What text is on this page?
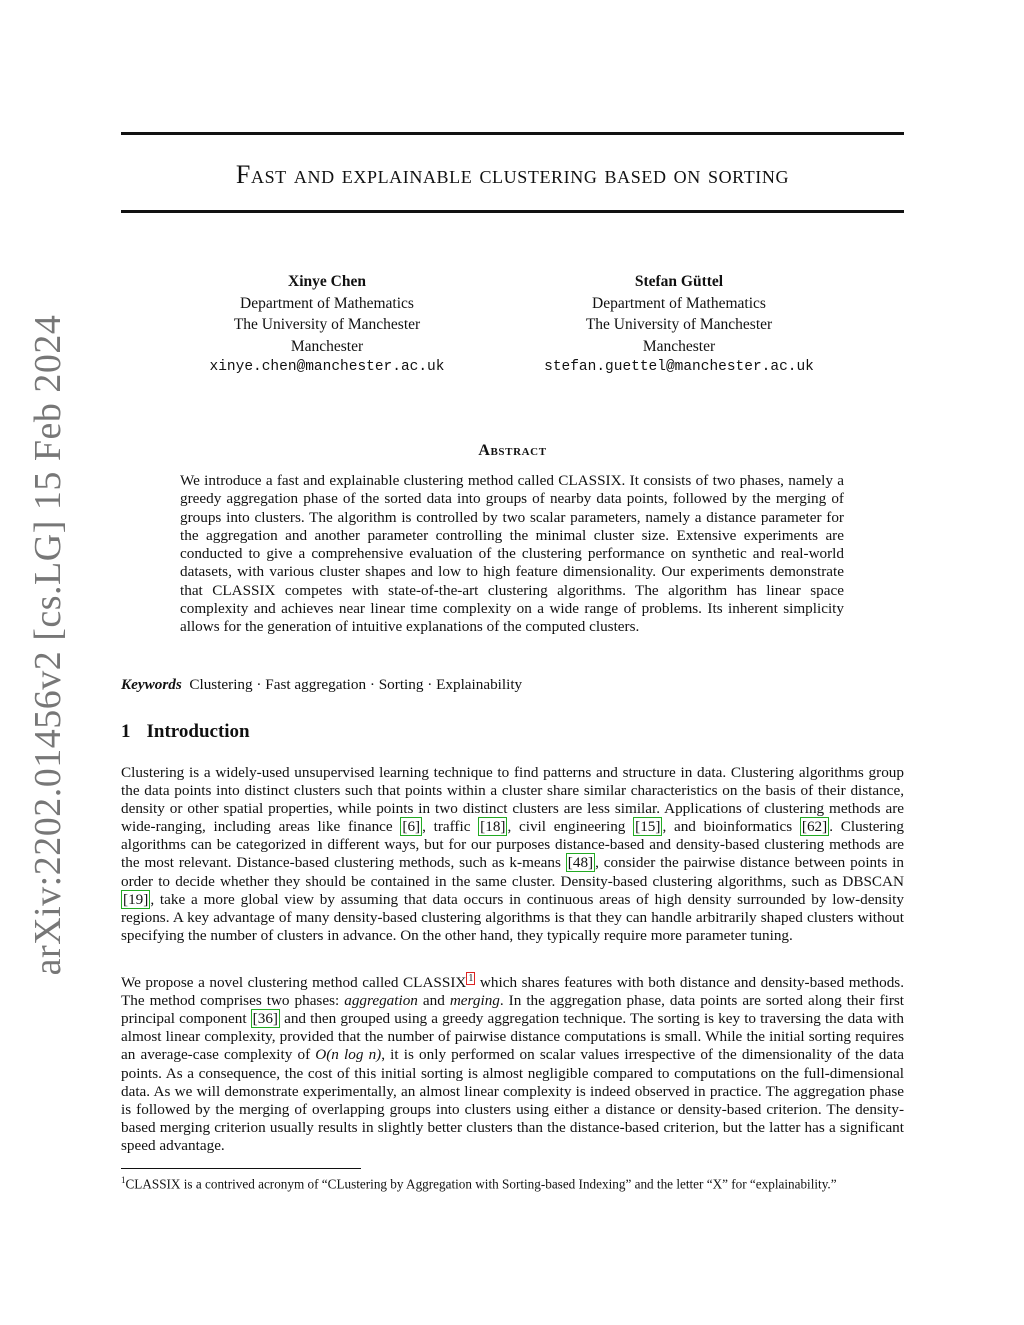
arXiv:2202.01456v2 [cs.LG] 15 Feb 2024
Fast and explainable clustering based on sorting
Xinye Chen
Department of Mathematics
The University of Manchester
Manchester
xinye.chen@manchester.ac.uk
Stefan Güttel
Department of Mathematics
The University of Manchester
Manchester
stefan.guettel@manchester.ac.uk
Abstract
We introduce a fast and explainable clustering method called CLASSIX. It consists of two phases, namely a greedy aggregation phase of the sorted data into groups of nearby data points, followed by the merging of groups into clusters. The algorithm is controlled by two scalar parameters, namely a distance parameter for the aggregation and another parameter controlling the minimal cluster size. Extensive experiments are conducted to give a comprehensive evaluation of the clustering performance on synthetic and real-world datasets, with various cluster shapes and low to high feature dimensionality. Our experiments demonstrate that CLASSIX competes with state-of-the-art clustering algorithms. The algorithm has linear space complexity and achieves near linear time complexity on a wide range of problems. Its inherent simplicity allows for the generation of intuitive explanations of the computed clusters.
Keywords Clustering · Fast aggregation · Sorting · Explainability
1 Introduction
Clustering is a widely-used unsupervised learning technique to find patterns and structure in data. Clustering algorithms group the data points into distinct clusters such that points within a cluster share similar characteristics on the basis of their distance, density or other spatial properties, while points in two distinct clusters are less similar. Applications of clustering methods are wide-ranging, including areas like finance [6] , traffic [18] , civil engineering [15] , and bioinformatics [62] . Clustering algorithms can be categorized in different ways, but for our purposes distance-based and density-based clustering methods are the most relevant. Distance-based clustering methods, such as k-means [48] , consider the pairwise distance between points in order to decide whether they should be contained in the same cluster. Density-based clustering algorithms, such as DBSCAN [19] , take a more global view by assuming that data occurs in continuous areas of high density surrounded by low-density regions. A key advantage of many density-based clustering algorithms is that they can handle arbitrarily shaped clusters without specifying the number of clusters in advance. On the other hand, they typically require more parameter tuning.
We propose a novel clustering method called CLASSIX $^1$ which shares features with both distance and density-based methods. The method comprises two phases: aggregation and merging. In the aggregation phase, data points are sorted along their first principal component [36] and then grouped using a greedy aggregation technique. The sorting is key to traversing the data with almost linear complexity, provided that the number of pairwise distance computations is small. While the initial sorting requires an average-case complexity of O(n log n), it is only performed on scalar values irrespective of the dimensionality of the data points. As a consequence, the cost of this initial sorting is almost negligible compared to computations on the full-dimensional data. As we will demonstrate experimentally, an almost linear complexity is indeed observed in practice. The aggregation phase is followed by the merging of overlapping groups into clusters using either a distance or density-based criterion. The density-based merging criterion usually results in slightly better clusters than the distance-based criterion, but the latter has a significant speed advantage.
$^1$CLASSIX is a contrived acronym of “CLustering by Aggregation with Sorting-based Indexing” and the letter “X” for “explainability.”
